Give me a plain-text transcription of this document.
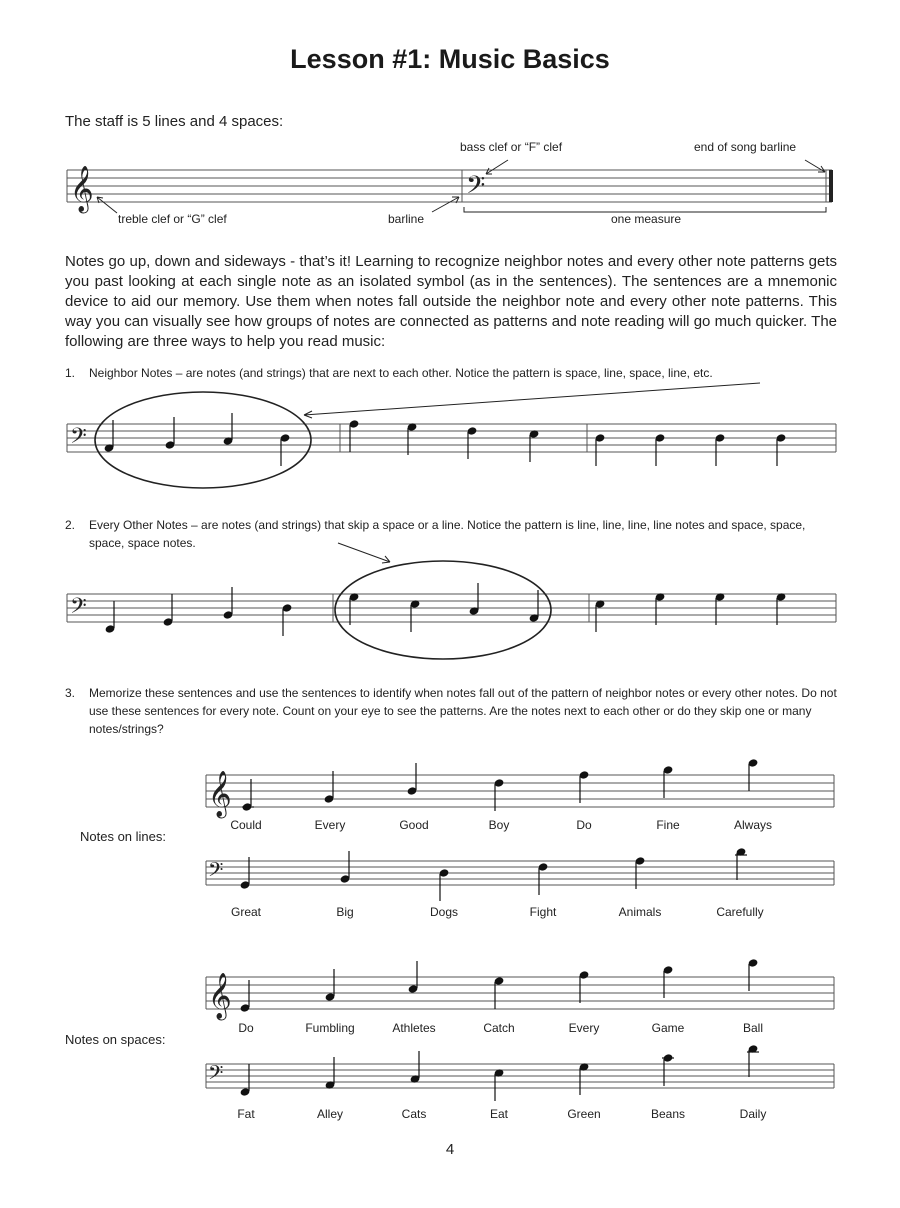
Lesson #1: Music Basics
The staff is 5 lines and 4 spaces:
𝄞	𝄢
𝄢
𝄢
𝄞
𝄢
𝄞
𝄢
bass clef or “F” clef	end of song barline
treble clef or “G” clef	barline	one measure

Notes go up, down and sideways - that’s it! Learning to recognize neighbor notes and every other note patterns gets you past looking at each single note as an isolated symbol (as in the sentences). The sentences are a mnemonic device to aid our memory. Use them when notes fall outside the neighbor note and every other note patterns. This way you can visually see how groups of notes are connected as patterns and note reading will go much quicker. The following are three ways to help you read music:

1. Neighbor Notes – are notes (and strings) that are next to each other. Notice the pattern is space, line, space, line, etc.
2. Every Other Notes – are notes (and strings) that skip a space or a line. Notice the pattern is line, line, line, line notes and space, space, space, space notes.
3. Memorize these sentences and use the sentences to identify when notes fall out of the pattern of neighbor notes or every other notes. Do not use these sentences for every note. Count on your eye to see the patterns. Are the notes next to each other or do they skip one or many notes/strings?
Notes on lines:
Notes on spaces:
Could	Every	Good	Boy	Do	Fine	Always
Great	Big	Dogs	Fight	Animals	Carefully
Do	Fumbling	Athletes	Catch	Every	Game	Ball
Fat	Alley	Cats	Eat	Green	Beans	Daily
4
